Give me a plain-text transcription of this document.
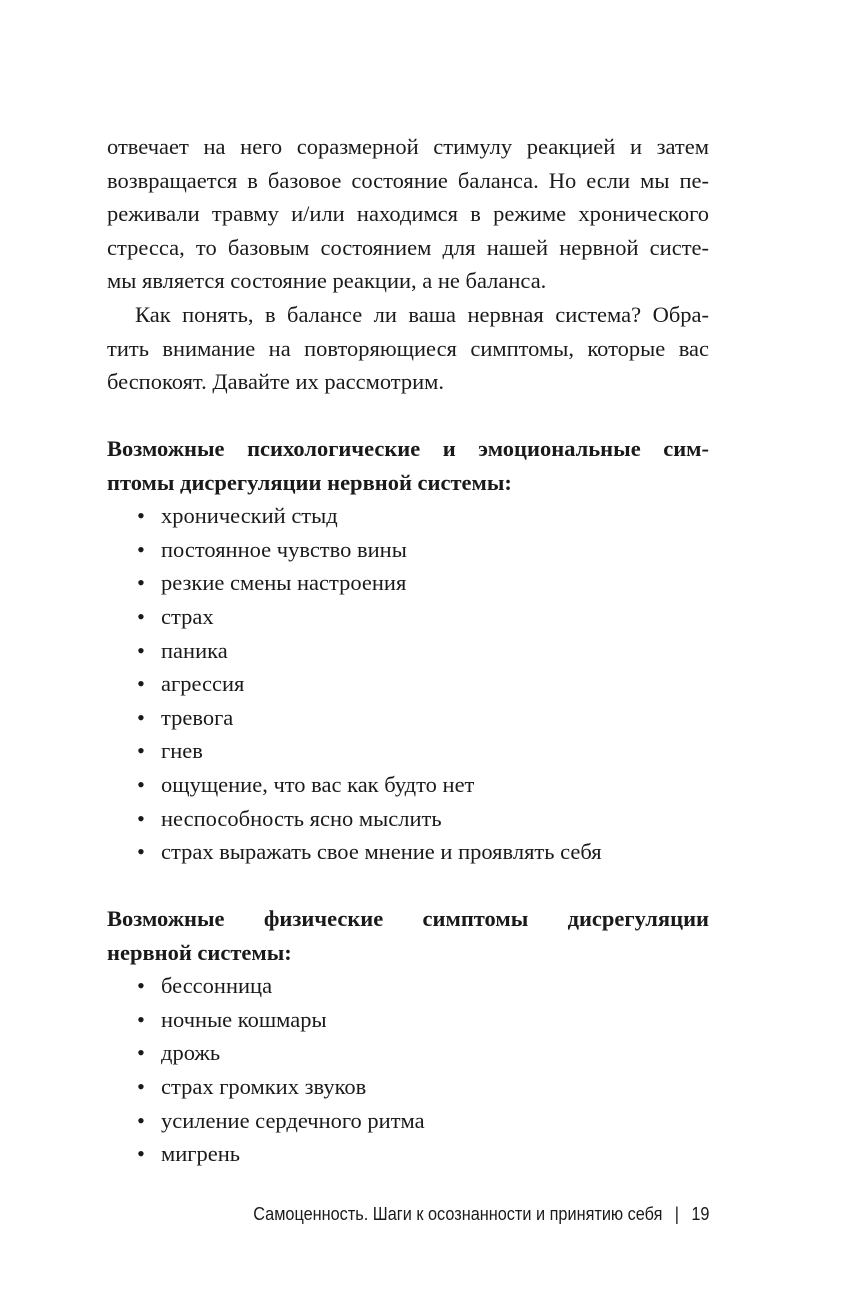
отвечает на него соразмерной стимулу реакцией и затем
возвращается в базовое состояние баланса. Но если мы пе-
реживали травму и/или находимся в режиме хронического
стресса, то базовым состоянием для нашей нервной систе-
мы является состояние реакции, а не баланса.
Как понять, в балансе ли ваша нервная система? Обра-
тить внимание на повторяющиеся симптомы, которые вас
беспокоят. Давайте их рассмотрим.
Возможные психологические и эмоциональные сим-
птомы дисрегуляции нервной системы:
• хронический стыд
• постоянное чувство вины
• резкие смены настроения
• страх
• паника
• агрессия
• тревога
• гнев
• ощущение, что вас как будто нет
• неспособность ясно мыслить
• страх выражать свое мнение и проявлять себя
Возможные физические симптомы дисрегуляции
нервной системы:
• бессонница
• ночные кошмары
• дрожь
• страх громких звуков
• усиление сердечного ритма
• мигрень
Самоценность. Шаги к осознанности и принятию себя | 19
